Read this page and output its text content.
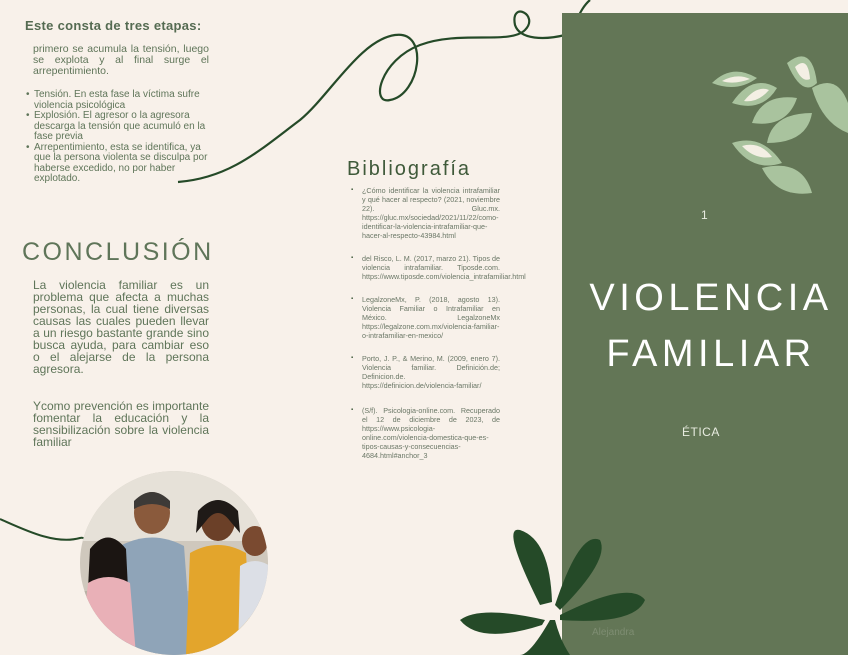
Este consta de tres etapas:
primero se acumula la tensión, luego se explota y al final surge el arrepentimiento.
• Tensión. En esta fase la víctima sufre violencia psicológica
• Explosión. El agresor o la agresora descarga la tensión que acumuló en la fase previa
• Arrepentimiento, esta se identifica, ya que la persona violenta se disculpa por haberse excedido, no por haber explotado.
CONCLUSIÓN
La violencia familiar es un problema que afecta a muchas personas, la cual tiene diversas causas las cuales pueden llevar a un riesgo bastante grande sino busca ayuda, para cambiar eso o el alejarse de la persona agresora.
Ycomo prevención es importante fomentar la educación y la sensibilización sobre la violencia familiar
Bibliografía
▪ ¿Cómo identificar la violencia intrafamiliar y qué hacer al respecto? (2021, noviembre 22). Gluc.mx. https://gluc.mx/sociedad/2021/11/22/como-identificar-la-violencia-intrafamiliar-que-hacer-al-respecto-43984.html
▪ del Risco, L. M. (2017, marzo 21). Tipos de violencia intrafamiliar. Tiposde.com. https://www.tiposde.com/violencia_intrafamiliar.html
▪ LegalzoneMx, P. (2018, agosto 13). Violencia Familiar o Intrafamiliar en México. LegalzoneMx https://legalzone.com.mx/violencia-familiar-o-intrafamiliar-en-mexico/
▪ Porto, J. P., & Merino, M. (2009, enero 7). Violencia familiar. Definición.de; Definicion.de. https://definicion.de/violencia-familiar/
▪ (S/f). Psicologia-online.com. Recuperado el 12 de diciembre de 2023, de https://www.psicologia-online.com/violencia-domestica-que-es-tipos-causas-y-consecuencias-4684.html#anchor_3
1
VIOLENCIA
FAMILIAR
ÉTICA
Alejandra
